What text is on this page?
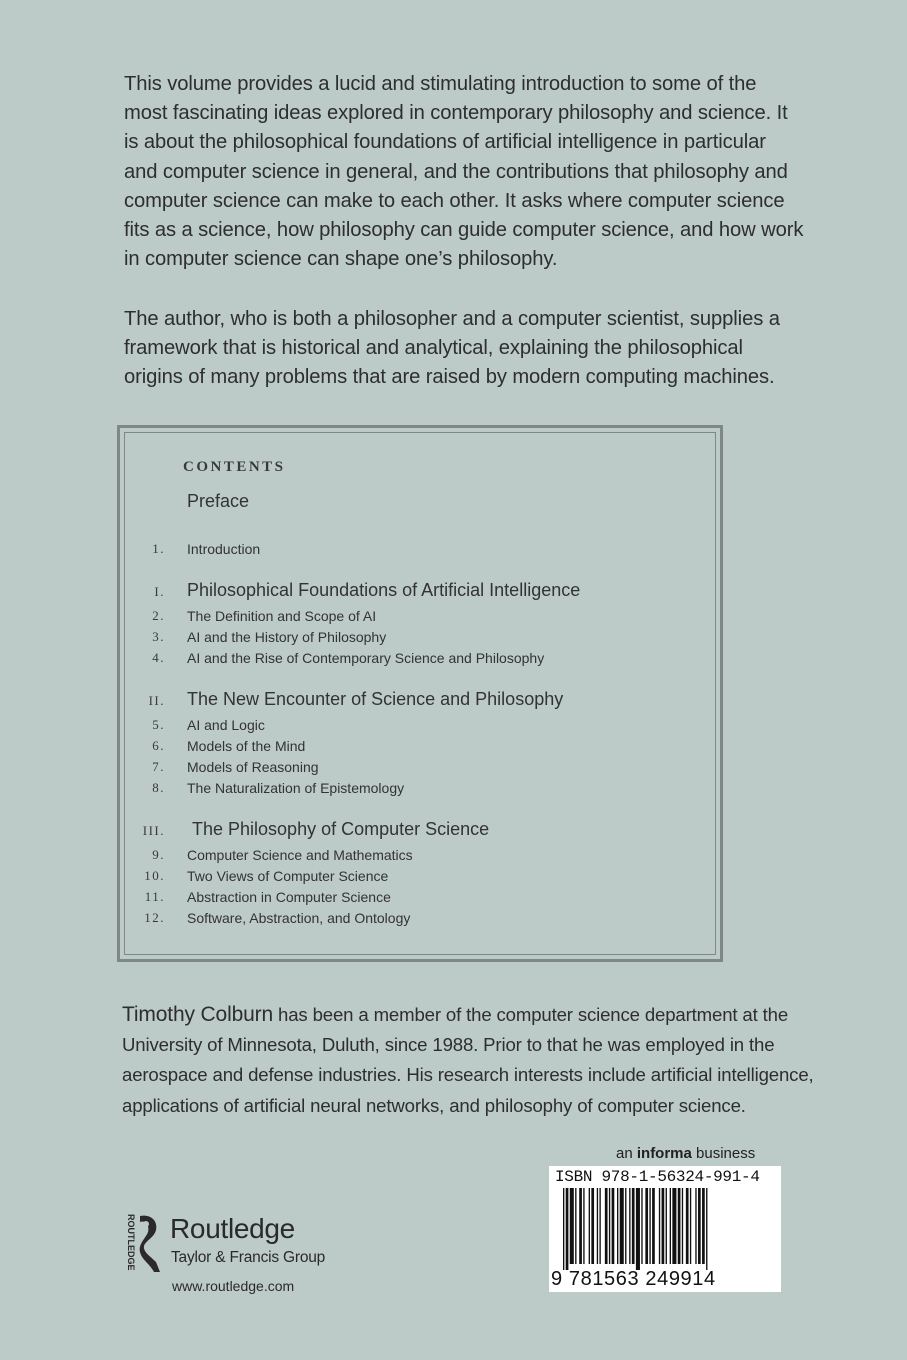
This volume provides a lucid and stimulating introduction to some of the most fascinating ideas explored in contemporary philosophy and science. It is about the philosophical foundations of artificial intelligence in particular and computer science in general, and the contributions that philosophy and computer science can make to each other. It asks where computer science fits as a science, how philosophy can guide computer science, and how work in computer science can shape one’s philosophy.

The author, who is both a philosopher and a computer scientist, supplies a framework that is historical and analytical, explaining the philosophical origins of many problems that are raised by modern computing machines.

CONTENTS
Preface
1. Introduction
I. Philosophical Foundations of Artificial Intelligence
2. The Definition and Scope of AI
3. AI and the History of Philosophy
4. AI and the Rise of Contemporary Science and Philosophy
II. The New Encounter of Science and Philosophy
5. AI and Logic
6. Models of the Mind
7. Models of Reasoning
8. The Naturalization of Epistemology
III. The Philosophy of Computer Science
9. Computer Science and Mathematics
10. Two Views of Computer Science
11. Abstraction in Computer Science
12. Software, Abstraction, and Ontology
Timothy Colburn has been a member of the computer science department at the University of Minnesota, Duluth, since 1988. Prior to that he was employed in the aerospace and defense industries. His research interests include artificial intelligence, applications of artificial neural networks, and philosophy of computer science.
an informa business
ISBN 978-1-56324-991-4
9 781563 249914
ROUTLEDGE Routledge
Taylor & Francis Group
www.routledge.com
